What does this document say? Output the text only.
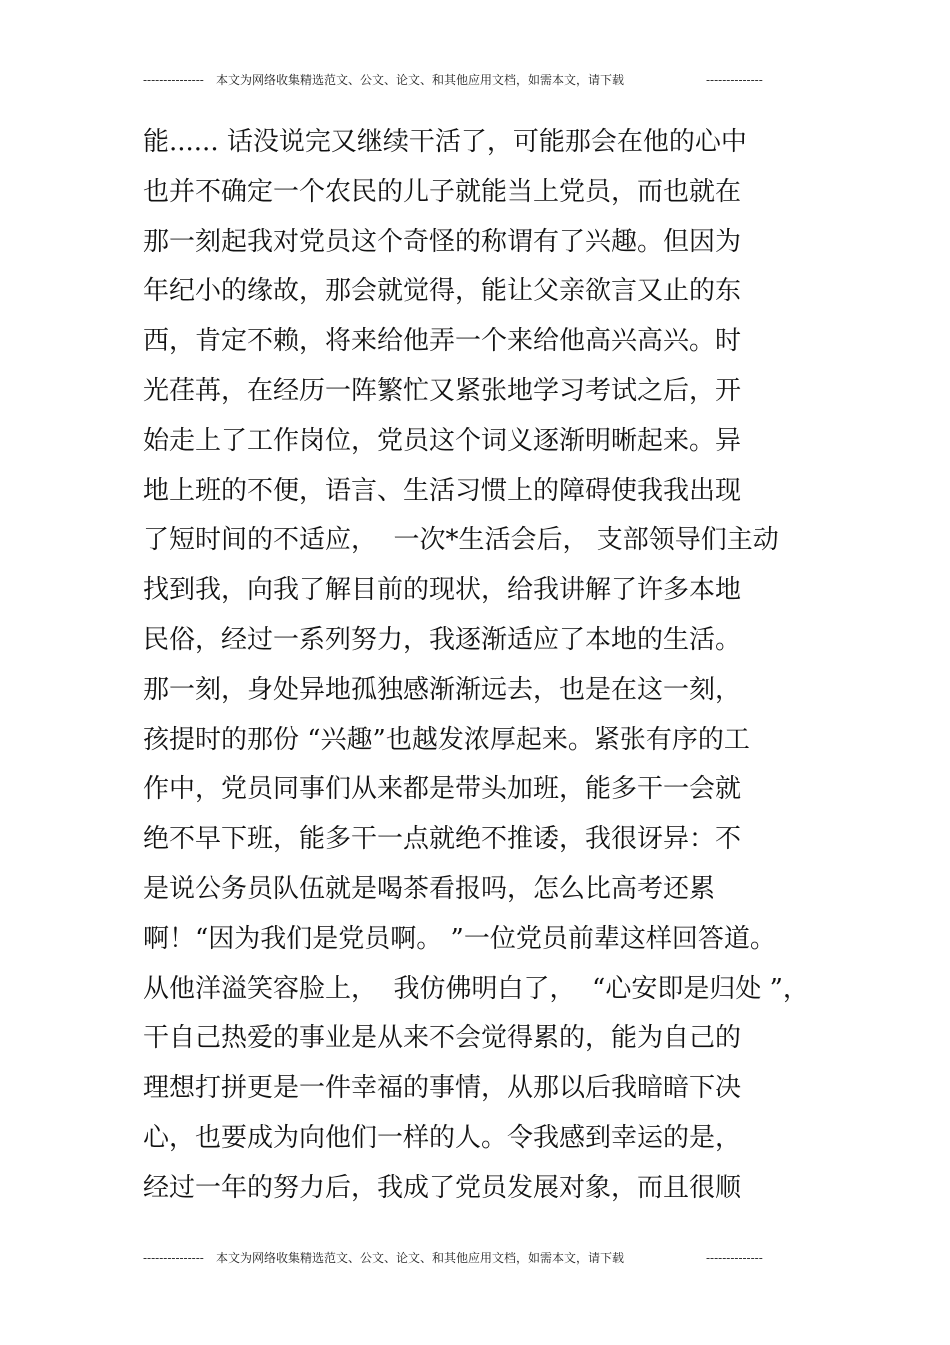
--------------- 本文为网络收集精选范文、公文、论文、和其他应用文档，如需本文，请下载	--------------
能...... 话没说完又继续干活了，可能那会在他的心中
也并不确定一个农民的儿子就能当上党员，而也就在
那一刻起我对党员这个奇怪的称谓有了兴趣。但因为
年纪小的缘故，那会就觉得，能让父亲欲言又止的东
西，肯定不赖，将来给他弄一个来给他高兴高兴。时
光荏苒，在经历一阵繁忙又紧张地学习考试之后，开
始走上了工作岗位，党员这个词义逐渐明晰起来。异
地上班的不便，语言、生活习惯上的障碍使我我出现
了短时间的不适应，  一次*生活会后， 支部领导们主动
找到我，向我了解目前的现状，给我讲解了许多本地
民俗，经过一系列努力，我逐渐适应了本地的生活。
那一刻，身处异地孤独感渐渐远去，也是在这一刻，
孩提时的那份 “兴趣”也越发浓厚起来。紧张有序的工
作中，党员同事们从来都是带头加班，能多干一会就
绝不早下班，能多干一点就绝不推诿，我很讶异：不
是说公务员队伍就是喝茶看报吗，怎么比高考还累
啊！“因为我们是党员啊。 ”一位党员前辈这样回答道。
从他洋溢笑容脸上，  我仿佛明白了，  “心安即是归处 ”，
干自己热爱的事业是从来不会觉得累的，能为自己的
理想打拼更是一件幸福的事情，从那以后我暗暗下决
心，也要成为向他们一样的人。令我感到幸运的是，
经过一年的努力后，我成了党员发展对象，而且很顺
--------------- 本文为网络收集精选范文、公文、论文、和其他应用文档，如需本文，请下载	--------------
